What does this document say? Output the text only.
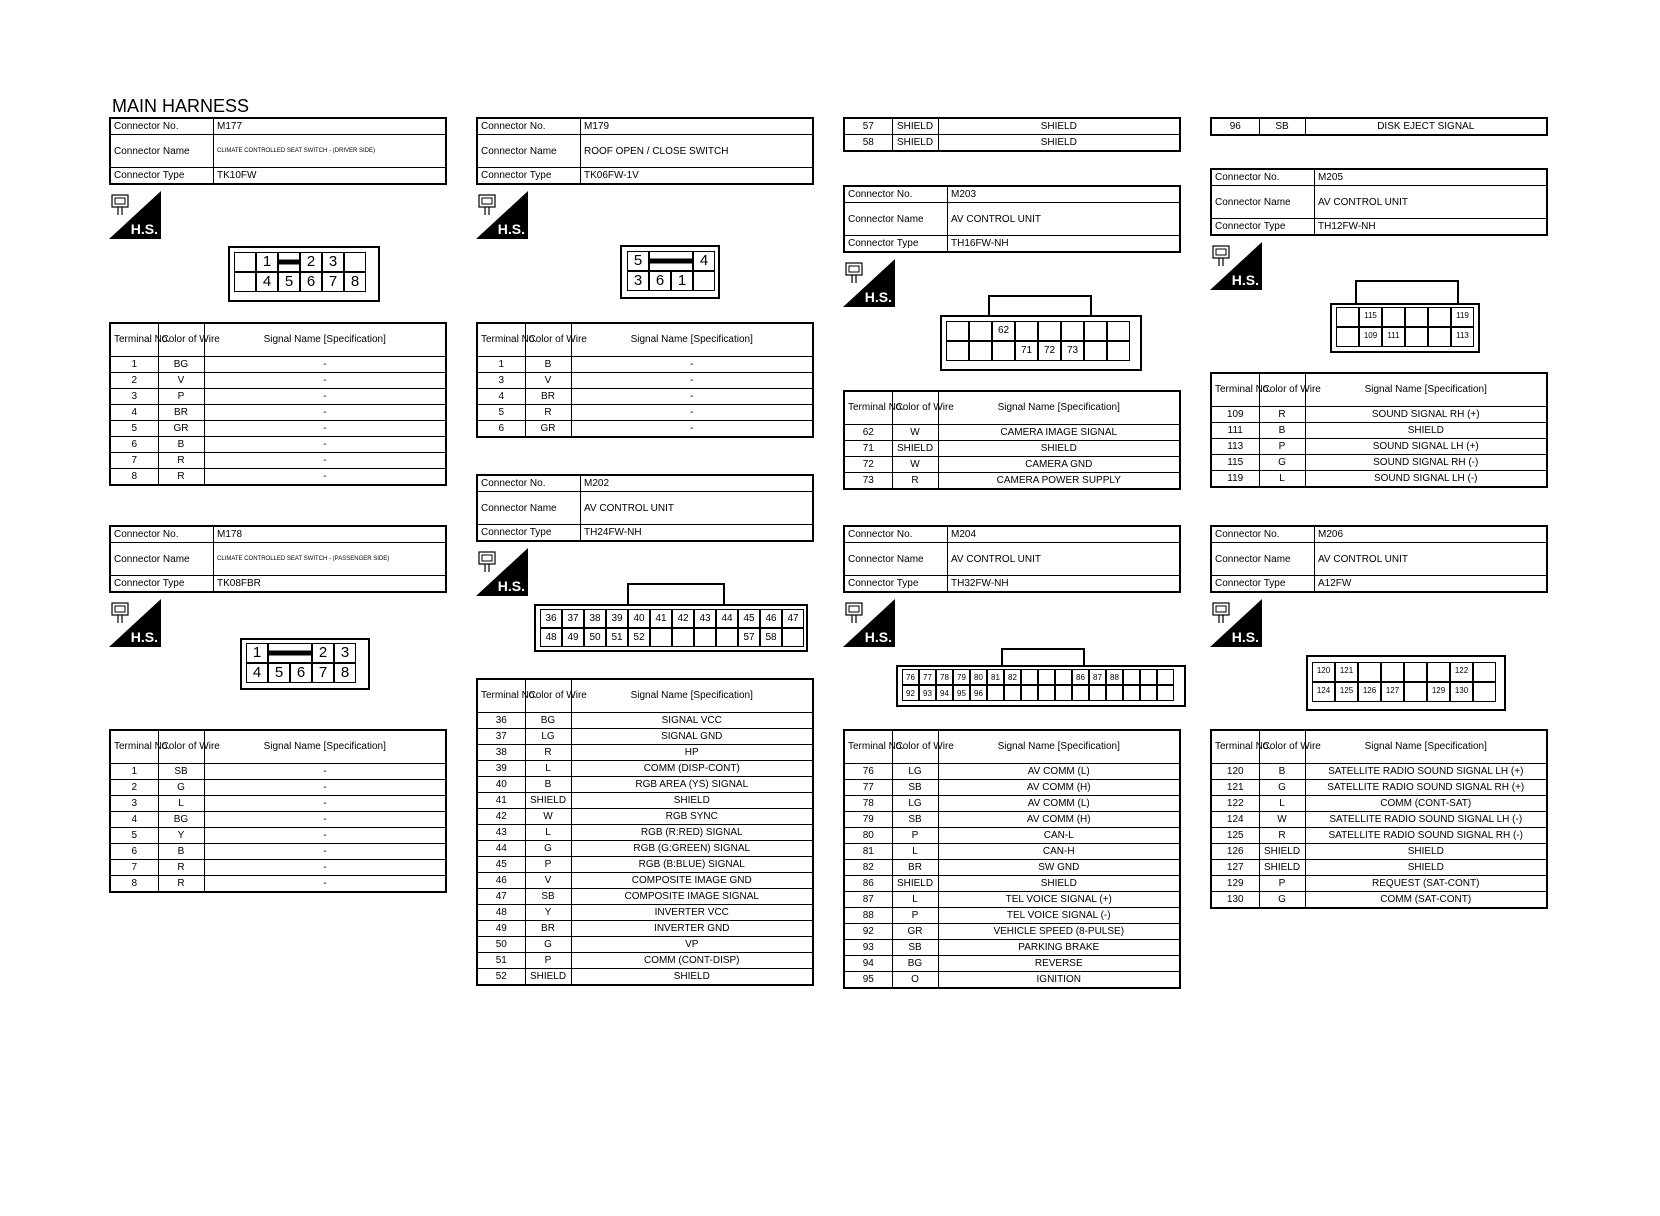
MAIN HARNESS
Connector No.	M177
Connector Name	CLIMATE CONTROLLED SEAT SWITCH - (DRIVER SIDE)
Connector Type	TK10FW
H.S.
1	2 3
4 5 6 7 8
Terminal No.	Color of Wire	Signal Name [Specification]
1	BG	-
2	V	-
3	P	-
4	BR	-
5	GR	-
6	B	-
7	R	-
8	R	-
Connector No.	M178
Connector Name	CLIMATE CONTROLLED SEAT SWITCH - (PASSENGER SIDE)
Connector Type	TK08FBR
H.S.
1	2 3
4 5 6 7 8
Terminal No.	Color of Wire	Signal Name [Specification]
1	SB	-
2	G	-
3	L	-
4	BG	-
5	Y	-
6	B	-
7	R	-
8	R	-
Connector No.	M179
Connector Name	ROOF OPEN / CLOSE SWITCH
Connector Type	TK06FW-1V
H.S.
5	4
3 6 1
Terminal No.	Color of Wire	Signal Name [Specification]
1	B	-
3	V	-
4	BR	-
5	R	-
6	GR	-
Connector No.	M202
Connector Name	AV CONTROL UNIT
Connector Type	TH24FW-NH
H.S.
36	37	38	39	40	41	42	43	44	45	46	47
48	49	50	51	52	57	58
Terminal No.	Color of Wire	Signal Name [Specification]
36	BG	SIGNAL VCC
37	LG	SIGNAL GND
38	R	HP
39	L	COMM (DISP-CONT)
40	B	RGB AREA (YS) SIGNAL
41	SHIELD	SHIELD
42	W	RGB SYNC
43	L	RGB (R:RED) SIGNAL
44	G	RGB (G:GREEN) SIGNAL
45	P	RGB (B:BLUE) SIGNAL
46	V	COMPOSITE IMAGE GND
47	SB	COMPOSITE IMAGE SIGNAL
48	Y	INVERTER VCC
49	BR	INVERTER GND
50	G	VP
51	P	COMM (CONT-DISP)
52	SHIELD	SHIELD
57	SHIELD	SHIELD
58	SHIELD	SHIELD
Connector No.	M203
Connector Name	AV CONTROL UNIT
Connector Type	TH16FW-NH
H.S.
62
71	72	73
Terminal No.	Color of Wire	Signal Name [Specification]
62	W	CAMERA IMAGE SIGNAL
71	SHIELD	SHIELD
72	W	CAMERA GND
73	R	CAMERA POWER SUPPLY
Connector No.	M204
Connector Name	AV CONTROL UNIT
Connector Type	TH32FW-NH
H.S.
76	77	78	79	80	81	82	86	87	88
92	93	94	95	96
Terminal No.	Color of Wire	Signal Name [Specification]
76	LG	AV COMM (L)
77	SB	AV COMM (H)
78	LG	AV COMM (L)
79	SB	AV COMM (H)
80	P	CAN-L
81	L	CAN-H
82	BR	SW GND
86	SHIELD	SHIELD
87	L	TEL VOICE SIGNAL (+)
88	P	TEL VOICE SIGNAL (-)
92	GR	VEHICLE SPEED (8-PULSE)
93	SB	PARKING BRAKE
94	BG	REVERSE
95	O	IGNITION
96	SB	DISK EJECT SIGNAL
Connector No.	M205
Connector Name	AV CONTROL UNIT
Connector Type	TH12FW-NH
H.S.
115	119
109	111	113
Terminal No.	Color of Wire	Signal Name [Specification]
109	R	SOUND SIGNAL RH (+)
111	B	SHIELD
113	P	SOUND SIGNAL LH (+)
115	G	SOUND SIGNAL RH (-)
119	L	SOUND SIGNAL LH (-)
Connector No.	M206
Connector Name	AV CONTROL UNIT
Connector Type	A12FW
H.S.
120	121	122
124	125	126	127	129	130
Terminal No.	Color of Wire	Signal Name [Specification]
120	B	SATELLITE RADIO SOUND SIGNAL LH (+)
121	G	SATELLITE RADIO SOUND SIGNAL RH (+)
122	L	COMM (CONT-SAT)
124	W	SATELLITE RADIO SOUND SIGNAL LH (-)
125	R	SATELLITE RADIO SOUND SIGNAL RH (-)
126	SHIELD	SHIELD
127	SHIELD	SHIELD
129	P	REQUEST (SAT-CONT)
130	G	COMM (SAT-CONT)
